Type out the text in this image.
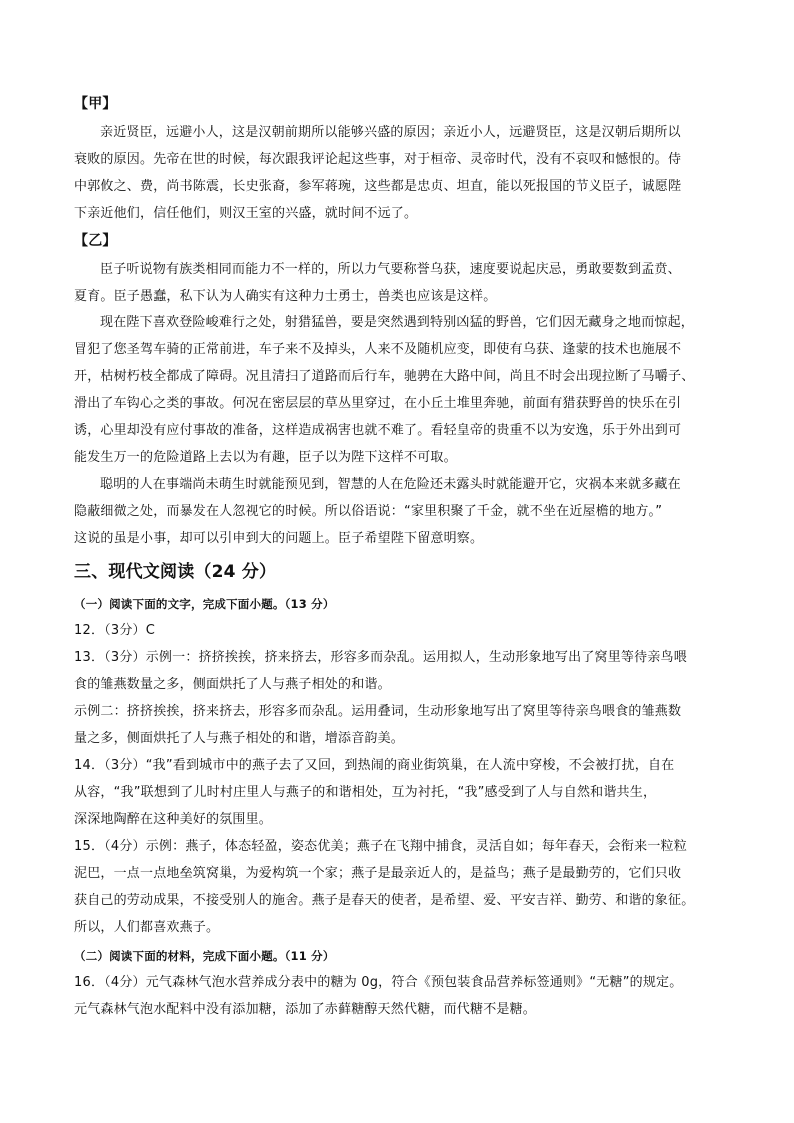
【甲】
亲近贤臣，远避小人，这是汉朝前期所以能够兴盛的原因；亲近小人，远避贤臣，这是汉朝后期所以
衰败的原因。先帝在世的时候，每次跟我评论起这些事，对于桓帝、灵帝时代，没有不哀叹和憾恨的。侍
中郭攸之、费，尚书陈震，长史张裔，参军蒋琬，这些都是忠贞、坦直，能以死报国的节义臣子，诚愿陛
下亲近他们，信任他们，则汉王室的兴盛，就时间不远了。
【乙】
臣子听说物有族类相同而能力不一样的，所以力气要称誉乌获，速度要说起庆忌，勇敢要数到孟贲、
夏育。臣子愚蠢，私下认为人确实有这种力士勇士，兽类也应该是这样。
现在陛下喜欢登险峻难行之处，射猎猛兽，要是突然遇到特别凶猛的野兽，它们因无藏身之地而惊起，
冒犯了您圣驾车骑的正常前进，车子来不及掉头，人来不及随机应变，即使有乌获、逢蒙的技术也施展不
开，枯树朽枝全都成了障碍。况且清扫了道路而后行车，驰骋在大路中间，尚且不时会出现拉断了马嚼子、
滑出了车钩心之类的事故。何况在密层层的草丛里穿过，在小丘土堆里奔驰，前面有猎获野兽的快乐在引
诱，心里却没有应付事故的准备，这样造成祸害也就不难了。看轻皇帝的贵重不以为安逸，乐于外出到可
能发生万一的危险道路上去以为有趣，臣子以为陛下这样不可取。
聪明的人在事端尚未萌生时就能预见到，智慧的人在危险还未露头时就能避开它，灾祸本来就多藏在
隐蔽细微之处，而暴发在人忽视它的时候。所以俗语说：“家里积聚了千金，就不坐在近屋檐的地方。”
这说的虽是小事，却可以引申到大的问题上。臣子希望陛下留意明察。
三、现代文阅读（24 分）
（一）阅读下面的文字，完成下面小题。（13 分）
12．（3分）C
13．（3分）示例一：挤挤挨挨，挤来挤去，形容多而杂乱。运用拟人，生动形象地写出了窝里等待亲鸟喂
食的雏燕数量之多，侧面烘托了人与燕子相处的和谐。
示例二：挤挤挨挨，挤来挤去，形容多而杂乱。运用叠词，生动形象地写出了窝里等待亲鸟喂食的雏燕数
量之多，侧面烘托了人与燕子相处的和谐，增添音韵美。
14．（3分）“我”看到城市中的燕子去了又回，到热闹的商业街筑巢，在人流中穿梭，不会被打扰，自在
从容，“我”联想到了儿时村庄里人与燕子的和谐相处，互为衬托，“我”感受到了人与自然和谐共生，
深深地陶醉在这种美好的氛围里。
15．（4分）示例：燕子，体态轻盈，姿态优美；燕子在飞翔中捕食，灵活自如；每年春天，会衔来一粒粒
泥巴，一点一点地垒筑窝巢，为爱构筑一个家；燕子是最亲近人的，是益鸟；燕子是最勤劳的，它们只收
获自己的劳动成果，不接受别人的施舍。燕子是春天的使者，是希望、爱、平安吉祥、勤劳、和谐的象征。
所以，人们都喜欢燕子。
（二）阅读下面的材料，完成下面小题。（11 分）
16．（4分）元气森林气泡水营养成分表中的糖为 0g，符合《预包装食品营养标签通则》“无糖”的规定。
元气森林气泡水配料中没有添加糖，添加了赤藓糖醇天然代糖，而代糖不是糖。
